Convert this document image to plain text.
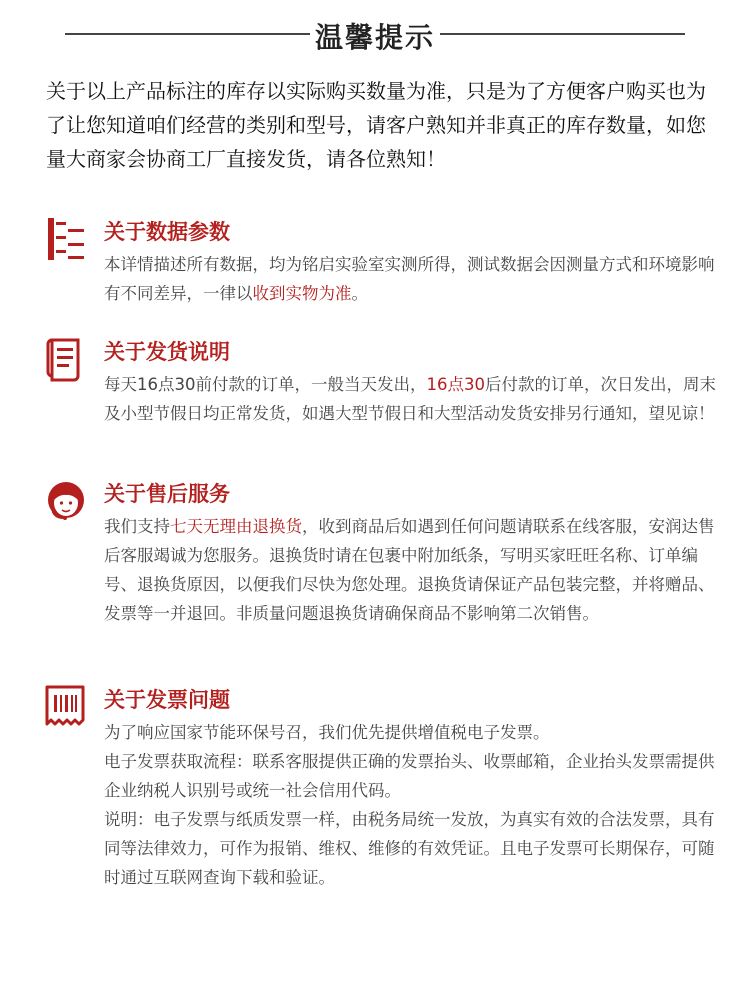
温馨提示
关于以上产品标注的库存以实际购买数量为准，只是为了方便客户购买也为了让您知道咱们经营的类别和型号，请客户熟知并非真正的库存数量，如您量大商家会协商工厂直接发货，请各位熟知！
关于数据参数
本详情描述所有数据，均为铭启实验室实测所得，测试数据会因测量方式和环境影响有不同差异，一律以收到实物为准。
关于发货说明
每天16点30前付款的订单，一般当天发出，16点30后付款的订单，次日发出，周末及小型节假日均正常发货，如遇大型节假日和大型活动发货安排另行通知，望见谅！
关于售后服务
我们支持七天无理由退换货，收到商品后如遇到任何问题请联系在线客服，安润达售后客服竭诚为您服务。退换货时请在包裹中附加纸条，写明买家旺旺名称、订单编号、退换货原因，以便我们尽快为您处理。退换货请保证产品包装完整，并将赠品、发票等一并退回。非质量问题退换货请确保商品不影响第二次销售。
关于发票问题

为了响应国家节能环保号召，我们优先提供增值税电子发票。

电子发票获取流程：联系客服提供正确的发票抬头、收票邮箱，企业抬头发票需提供企业纳税人识别号或统一社会信用代码。

说明：电子发票与纸质发票一样，由税务局统一发放，为真实有效的合法发票，具有同等法律效力，可作为报销、维权、维修的有效凭证。且电子发票可长期保存，可随时通过互联网查询下载和验证。
